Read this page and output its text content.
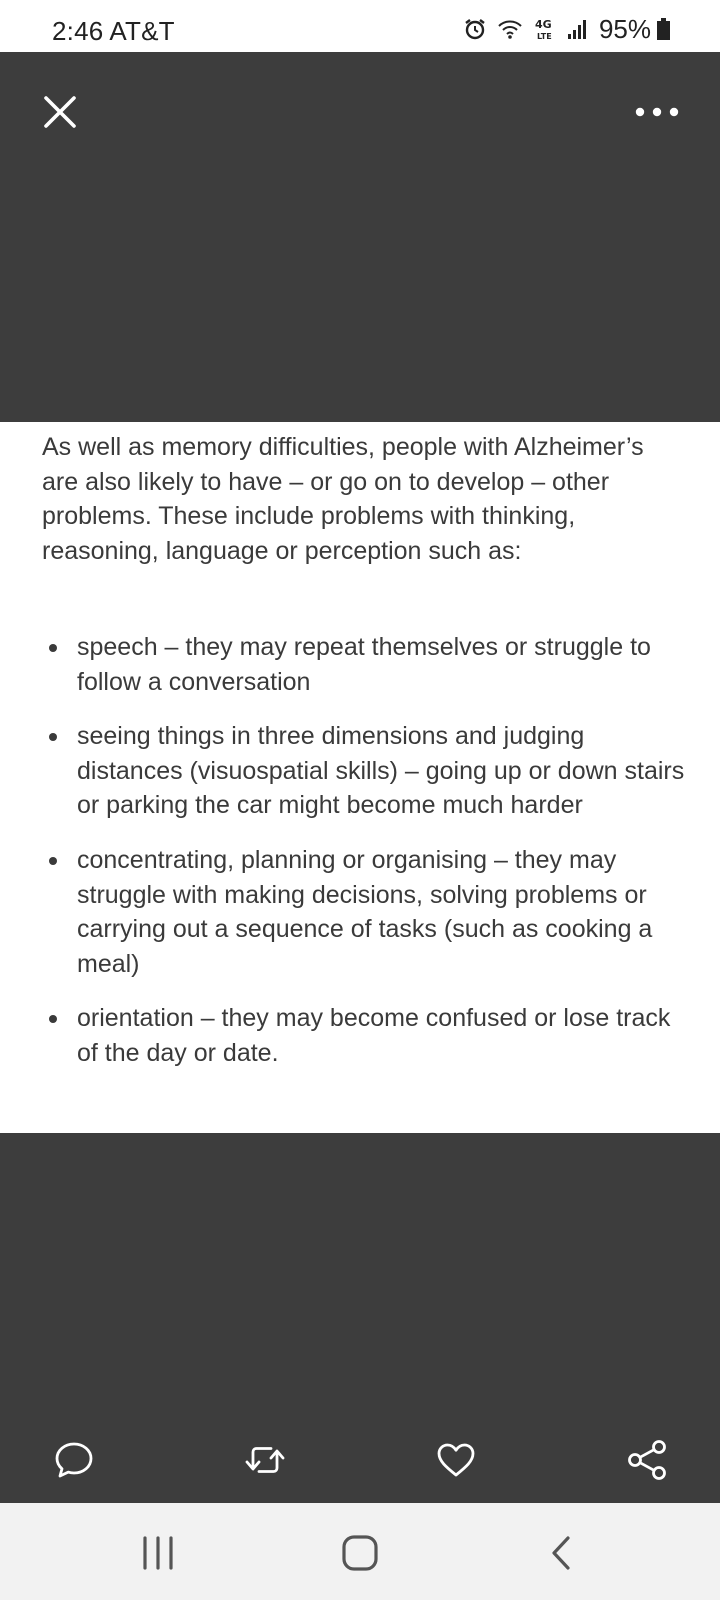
2:46 AT&T	4G
LTE 95%

As well as memory difficulties, people with Alzheimer’s are also likely to have – or go on to develop – other problems. These include problems with thinking, reasoning, language or perception such as:

speech – they may repeat themselves or struggle to follow a conversation
seeing things in three dimensions and judging distances (visuospatial skills) – going up or down stairs or parking the car might become much harder
concentrating, planning or organising – they may struggle with making decisions, solving problems or carrying out a sequence of tasks (such as cooking a meal)
orientation – they may become confused or lose track of the day or date.
